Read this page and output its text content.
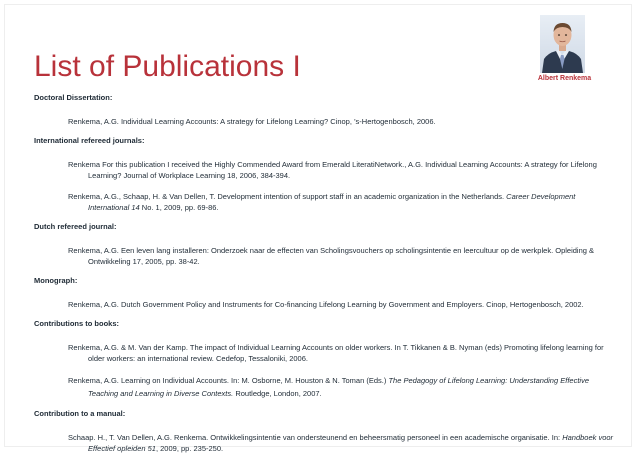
List of Publications I	Albert Renkema

Doctoral Dissertation:

Renkema, A.G. Individual Learning Accounts: A strategy for Lifelong Learning? Cinop, ’s-Hertogenbosch, 2006.

International refereed journals:

Renkema For this publication I received the Highly Commended Award from Emerald LiteratiNetwork., A.G. Individual Learning Accounts: A strategy for Lifelong Learning? Journal of Workplace Learning 18, 2006, 384-394.

Renkema, A.G., Schaap, H. & Van Dellen, T. Development intention of support staff in an academic organization in the Netherlands. Career Development International 14 No. 1, 2009, pp. 69-86.

Dutch refereed journal:

Renkema, A.G. Een leven lang installeren: Onderzoek naar de effecten van Scholingsvouchers op scholingsintentie en leercultuur op de werkplek. Opleiding & Ontwikkeling 17, 2005, pp. 38-42.

Monograph:

Renkema, A.G. Dutch Government Policy and Instruments for Co-financing Lifelong Learning by Government and Employers. Cinop, Hertogenbosch, 2002.

Contributions to books:

Renkema, A.G. & M. Van der Kamp. The impact of Individual Learning Accounts on older workers. In T. Tikkanen & B. Nyman (eds) Promoting lifelong learning for older workers: an international review. Cedefop, Tessaloniki, 2006.

Renkema, A.G. Learning on Individual Accounts. In: M. Osborne, M. Houston & N. Toman (Eds.) The Pedagogy of Lifelong Learning: Understanding Effective Teaching and Learning in Diverse Contexts. Routledge, London, 2007.

Contribution to a manual:

Schaap. H., T. Van Dellen, A.G. Renkema. Ontwikkelingsintentie van ondersteunend en beheersmatig personeel in een academische organisatie. In: Handboek voor Effectief opleiden 51, 2009, pp. 235-250.
